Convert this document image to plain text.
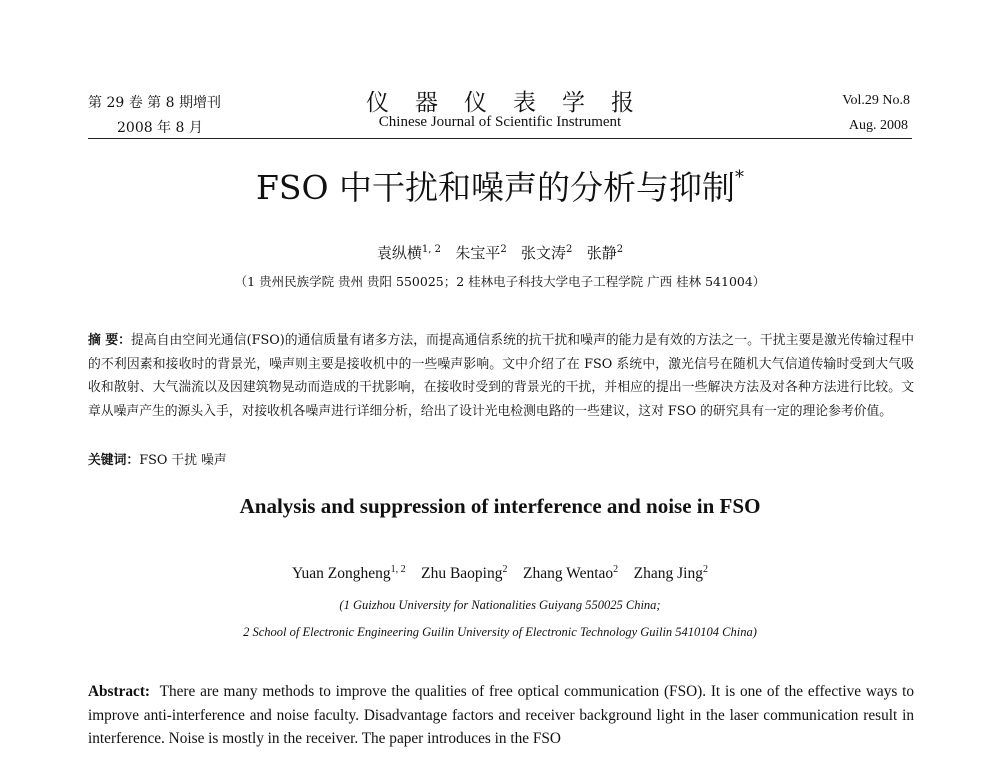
第 29 卷 第 8 期增刊
2008 年 8 月
仪器仪表学报
Chinese Journal of Scientific Instrument
Vol.29 No.8
Aug. 2008
FSO 中干扰和噪声的分析与抑制*
袁纵横$^{1, 2}$ 朱宝平$^2$ 张文涛$^2$ 张静$^2$
（1 贵州民族学院 贵州 贵阳 550025；2 桂林电子科技大学电子工程学院 广西 桂林 541004）
摘 要：提高自由空间光通信(FSO)的通信质量有诸多方法，而提高通信系统的抗干扰和噪声的能力是有效的方法之一。干扰主要是激光传输过程中的不利因素和接收时的背景光，噪声则主要是接收机中的一些噪声影响。文中介绍了在 FSO 系统中，激光信号在随机大气信道传输时受到大气吸收和散射、大气湍流以及因建筑物晃动而造成的干扰影响，在接收时受到的背景光的干扰，并相应的提出一些解决方法及对各种方法进行比较。文章从噪声产生的源头入手，对接收机各噪声进行详细分析，给出了设计光电检测电路的一些建议，这对 FSO 的研究具有一定的理论参考价值。
关键词：FSO 干扰 噪声
Analysis and suppression of interference and noise in FSO
Yuan Zongheng$^{1, 2}$ Zhu Baoping$^2$ Zhang Wentao$^2$ Zhang Jing$^2$
(1 Guizhou University for Nationalities Guiyang 550025 China;
2 School of Electronic Engineering Guilin University of Electronic Technology Guilin 5410104 China)
Abstract: There are many methods to improve the qualities of free optical communication (FSO). It is one of the effective ways to improve anti-interference and noise faculty. Disadvantage factors and receiver background light in the laser communication result in interference. Noise is mostly in the receiver. The paper introduces in the FSO
